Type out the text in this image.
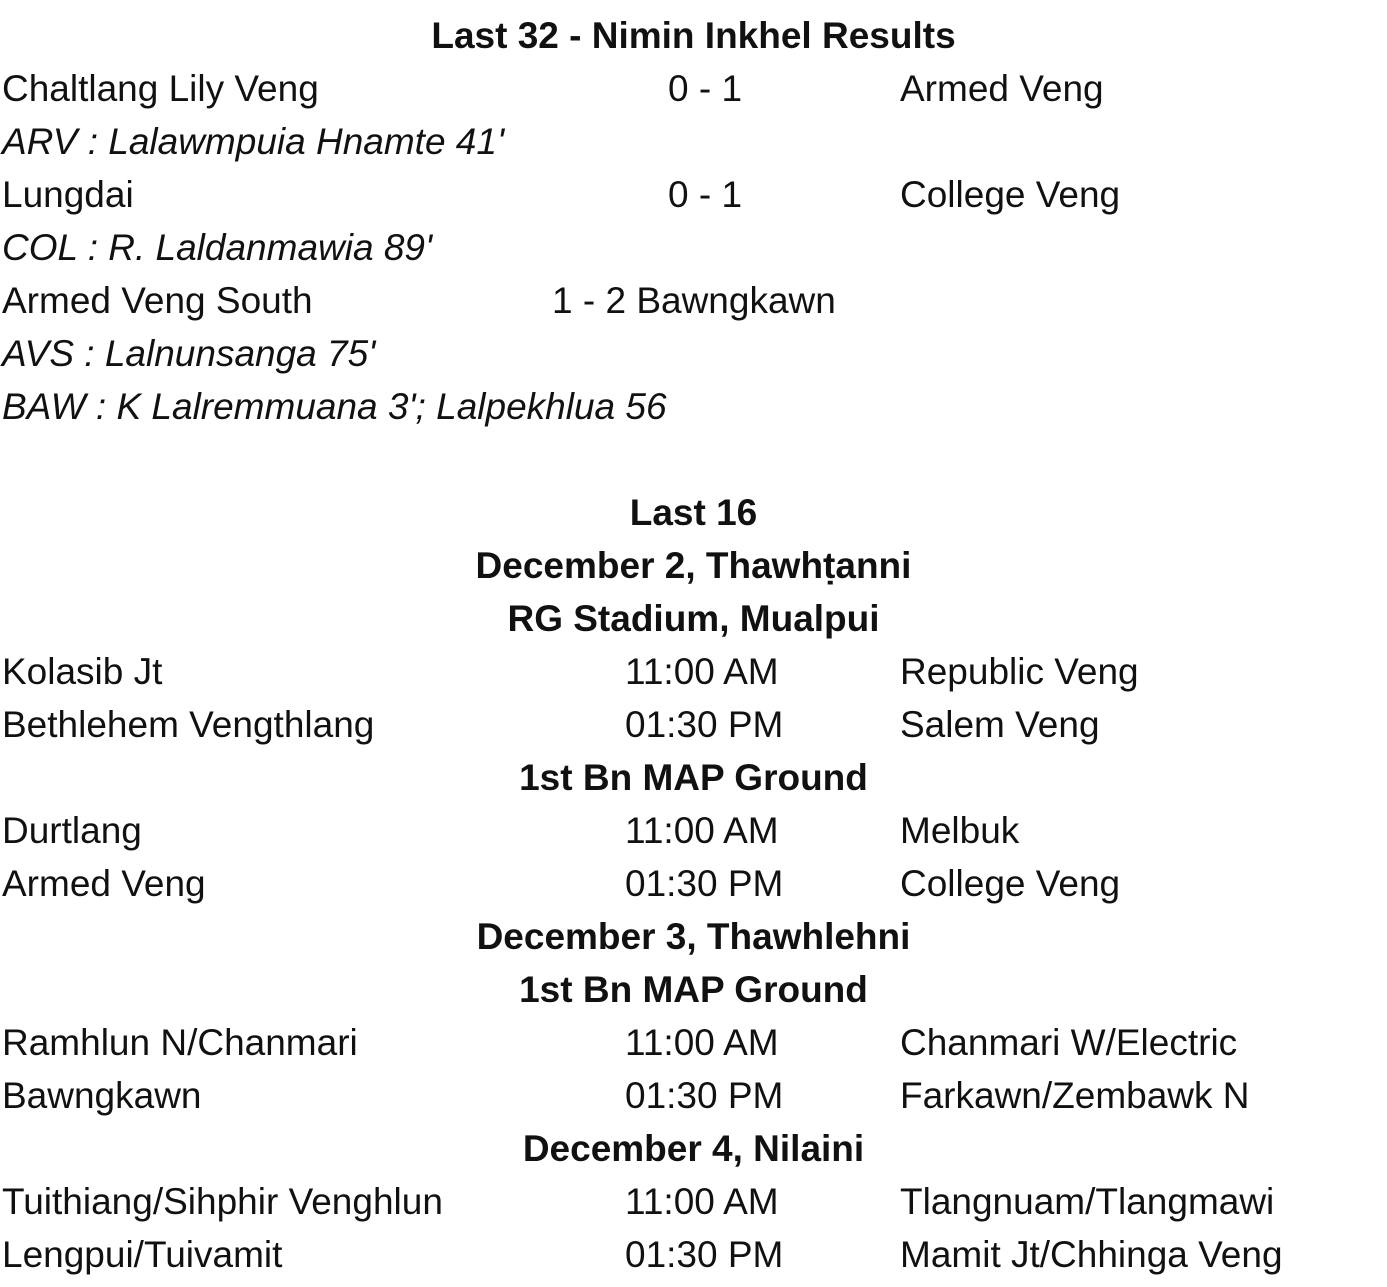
Last 32 - Nimin Inkhel Results
Chaltlang Lily Veng	0 - 1	Armed Veng
ARV : Lalawmpuia Hnamte 41'
Lungdai	0 - 1	College Veng
COL : R. Laldanmawia 89'
Armed Veng South	1 - 2 Bawngkawn
AVS : Lalnunsanga 75'
BAW : K Lalremmuana 3'; Lalpekhlua 56
Last 16
December 2, Thawhṭanni
RG Stadium, Mualpui
Kolasib Jt	11:00 AM	Republic Veng
Bethlehem Vengthlang	01:30 PM	Salem Veng
1st Bn MAP Ground
Durtlang	11:00 AM	Melbuk
Armed Veng	01:30 PM	College Veng
December 3, Thawhlehni
1st Bn MAP Ground
Ramhlun N/Chanmari	11:00 AM	Chanmari W/Electric
Bawngkawn	01:30 PM	Farkawn/Zembawk N
December 4, Nilaini
Tuithiang/Sihphir Venghlun	11:00 AM	Tlangnuam/Tlangmawi
Lengpui/Tuivamit	01:30 PM	Mamit Jt/Chhinga Veng
